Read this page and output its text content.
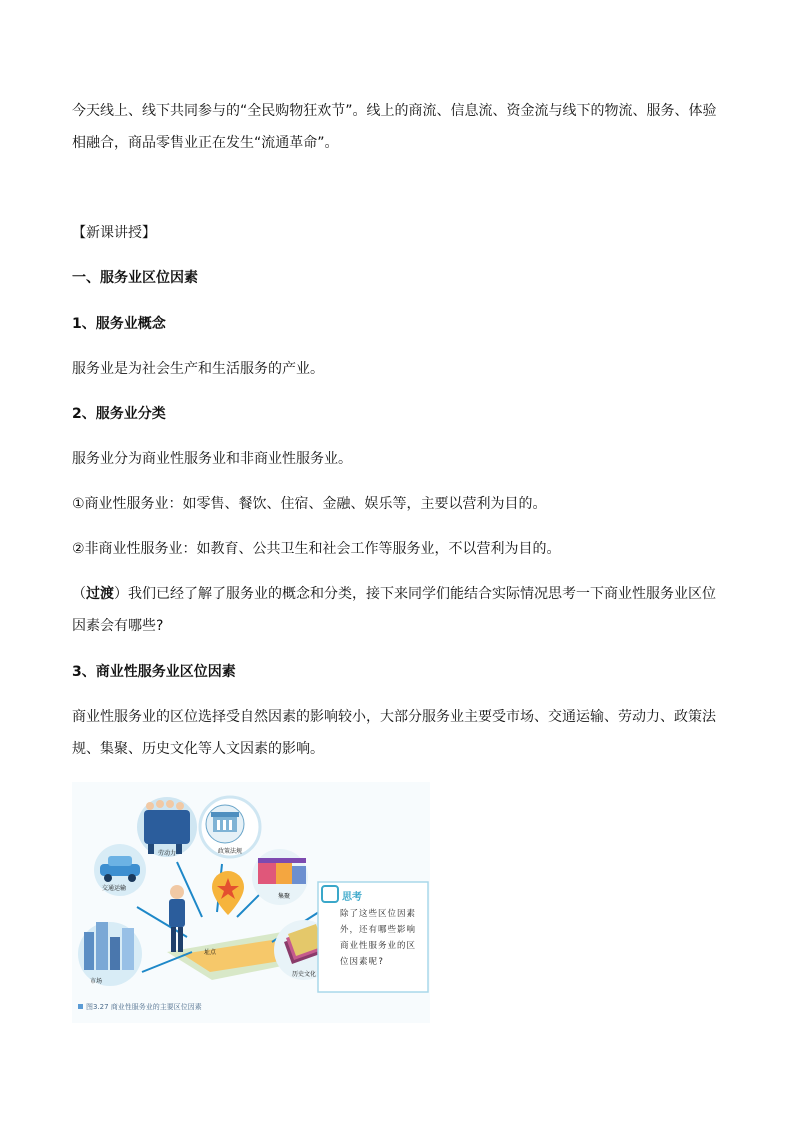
今天线上、线下共同参与的“全民购物狂欢节”。线上的商流、信息流、资金流与线下的物流、服务、体验

相融合，商品零售业正在发生“流通革命”。

【新课讲授】

一、服务业区位因素

1、服务业概念

服务业是为社会生产和生活服务的产业。

2、服务业分类

服务业分为商业性服务业和非商业性服务业。

①商业性服务业：如零售、餐饮、住宿、金融、娱乐等，主要以营利为目的。

②非商业性服务业：如教育、公共卫生和社会工作等服务业，不以营利为目的。

（过渡）我们已经了解了服务业的概念和分类，接下来同学们能结合实际情况思考一下商业性服务业区位

因素会有哪些?

3、商业性服务业区位因素

商业性服务业的区位选择受自然因素的影响较小，大部分服务业主要受市场、交通运输、劳动力、政策法

规、集聚、历史文化等人文因素的影响。

劳动力	政策法规
交通运输
集聚
市场
历史文化
址点
思考
除了这些区位因素外，还有哪些影响商业性服务业的区位因素呢?
图3.27 商业性服务业的主要区位因素
